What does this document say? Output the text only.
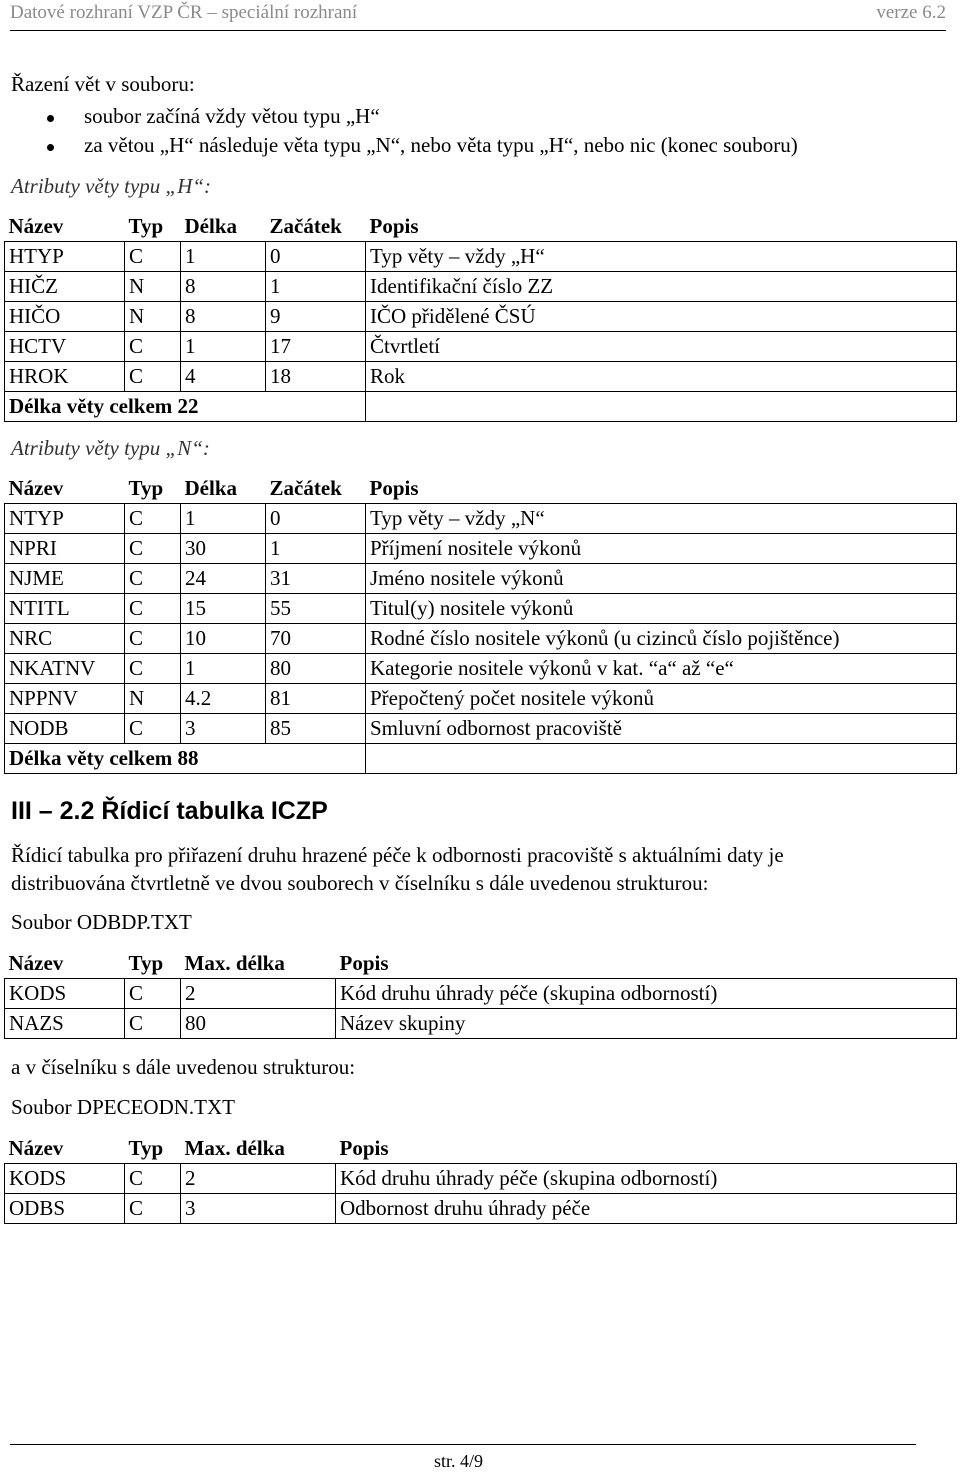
Datové rozhraní VZP ČR – speciální rozhraní	verze 6.2
Řazení vět v souboru:
soubor začíná vždy větou typu „H“
za větou „H“ následuje věta typu „N“, nebo věta typu „H“, nebo nic (konec souboru)
Atributy věty typu „H“:
Název	Typ	Délka	Začátek	Popis
HTYP	C	1	0	Typ věty – vždy „H“
HIČZ	N	8	1	Identifikační číslo ZZ
HIČO	N	8	9	IČO přidělené ČSÚ
HCTV	C	1	17	Čtvrtletí
HROK	C	4	18	Rok
Délka věty celkem 22				
Atributy věty typu „N“:
Název	Typ	Délka	Začátek	Popis
NTYP	C	1	0	Typ věty – vždy „N“
NPRI	C	30	1	Příjmení nositele výkonů
NJME	C	24	31	Jméno nositele výkonů
NTITL	C	15	55	Titul(y) nositele výkonů
NRC	C	10	70	Rodné číslo nositele výkonů (u cizinců číslo pojištěnce)
NKATNV	C	1	80	Kategorie nositele výkonů v kat. “a“ až “e“
NPPNV	N	4.2	81	Přepočtený počet nositele výkonů
NODB	C	3	85	Smluvní odbornost pracoviště
Délka věty celkem 88				
III – 2.2 Řídicí tabulka ICZP
Řídicí tabulka pro přiřazení druhu hrazené péče k odbornosti pracoviště s aktuálními daty je
distribuována čtvrtletně ve dvou souborech v číselníku s dále uvedenou strukturou:
Soubor ODBDP.TXT
Název	Typ	Max. délka	Popis
KODS	C	2	Kód druhu úhrady péče (skupina odborností)
NAZS	C	80	Název skupiny
a v číselníku s dále uvedenou strukturou:
Soubor DPECEODN.TXT
Název	Typ	Max. délka	Popis
KODS	C	2	Kód druhu úhrady péče (skupina odborností)
ODBS	C	3	Odbornost druhu úhrady péče
str. 4/9
